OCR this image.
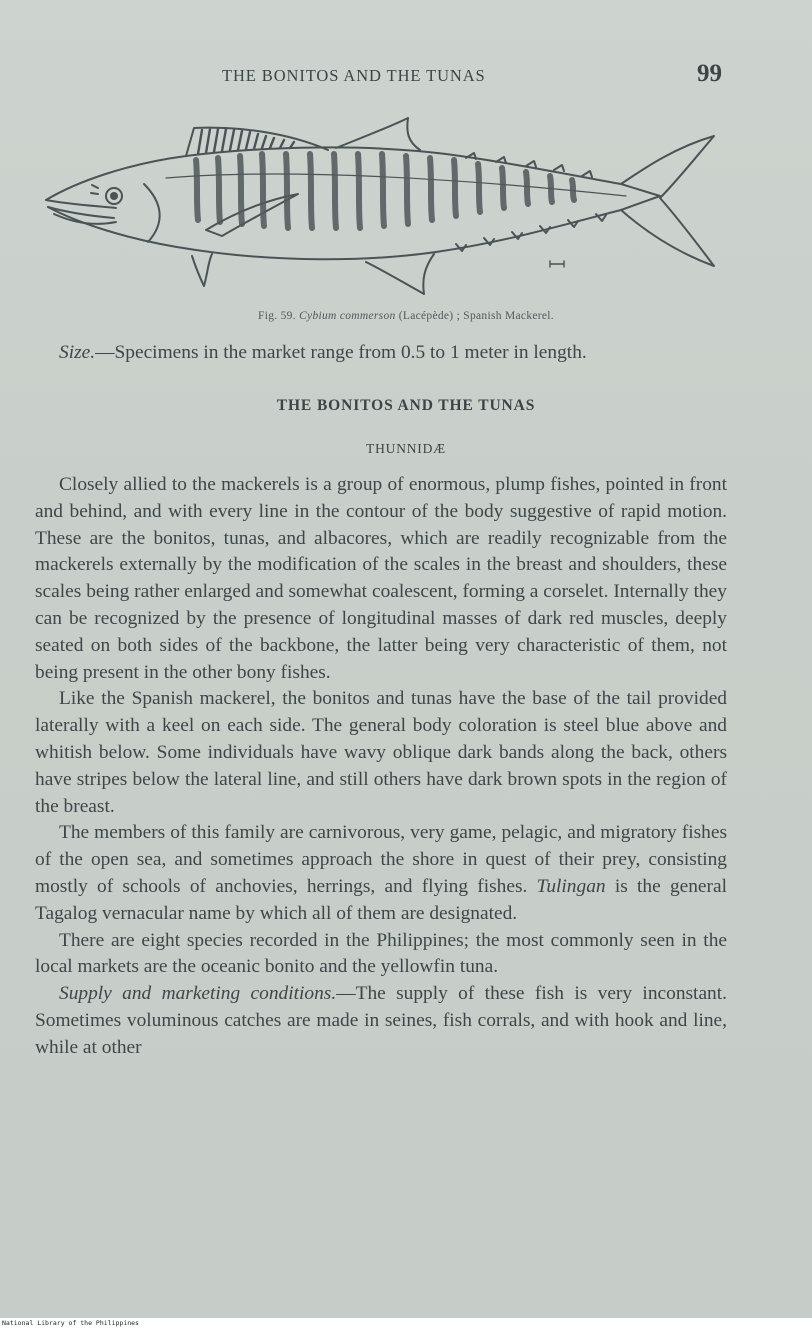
THE BONITOS AND THE TUNAS	99
Fig. 59. Cybium commerson (Lacépède) ; Spanish Mackerel.

Size.—Specimens in the market range from 0.5 to 1 meter in length.

THE BONITOS AND THE TUNAS
THUNNIDÆ

Closely allied to the mackerels is a group of enormous, plump fishes, pointed in front and behind, and with every line in the contour of the body suggestive of rapid motion. These are the bonitos, tunas, and albacores, which are readily recognizable from the mackerels externally by the modification of the scales in the breast and shoulders, these scales being rather enlarged and somewhat coalescent, forming a corselet. Internally they can be recognized by the presence of longitudinal masses of dark red muscles, deeply seated on both sides of the backbone, the latter being very characteristic of them, not being present in the other bony fishes.

Like the Spanish mackerel, the bonitos and tunas have the base of the tail provided laterally with a keel on each side. The general body coloration is steel blue above and whitish below. Some individuals have wavy oblique dark bands along the back, others have stripes below the lateral line, and still others have dark brown spots in the region of the breast.

The members of this family are carnivorous, very game, pelagic, and migratory fishes of the open sea, and sometimes approach the shore in quest of their prey, consisting mostly of schools of anchovies, herrings, and flying fishes. Tulingan is the general Tagalog vernacular name by which all of them are designated.

There are eight species recorded in the Philippines; the most commonly seen in the local markets are the oceanic bonito and the yellowfin tuna.

Supply and marketing conditions.—The supply of these fish is very inconstant. Sometimes voluminous catches are made in seines, fish corrals, and with hook and line, while at other

National Library of the Philippines
